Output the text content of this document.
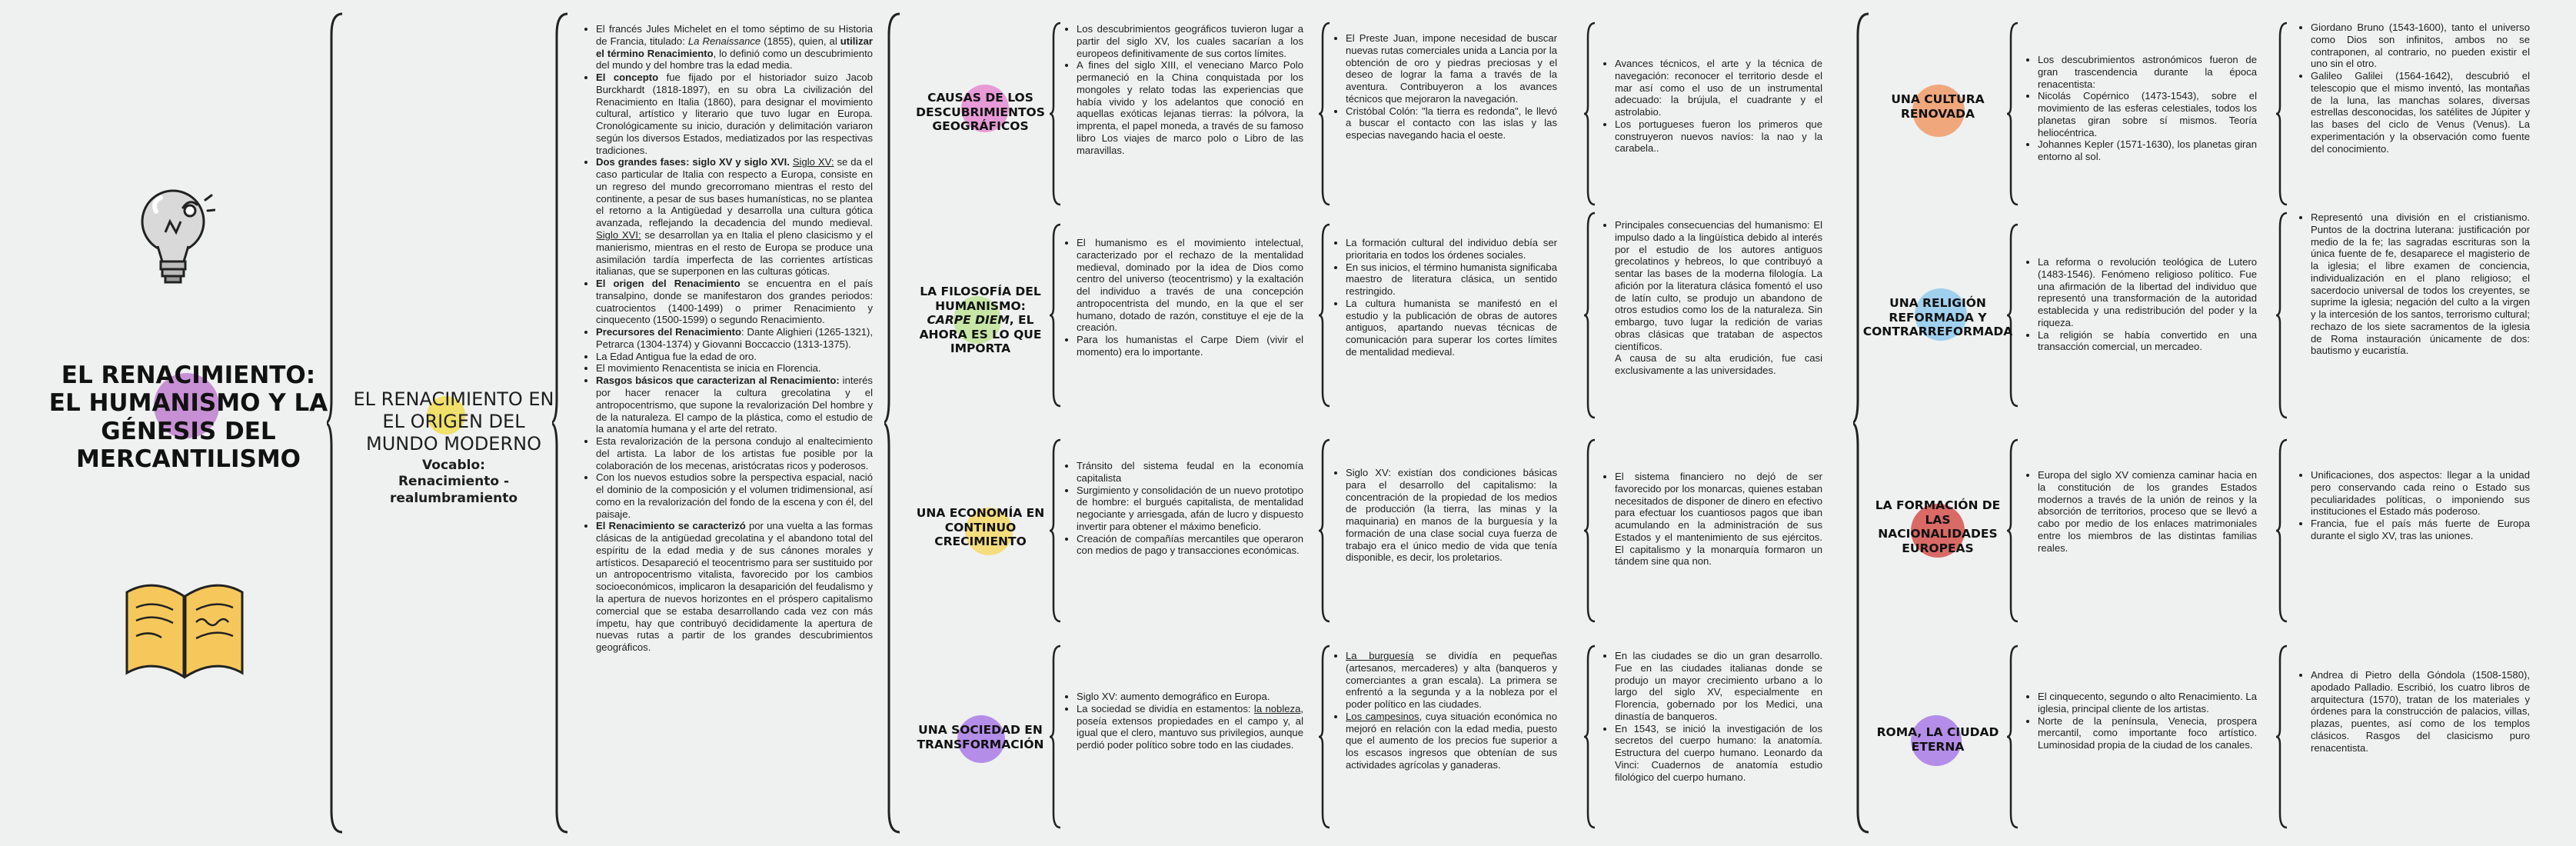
EL RENACIMIENTO: EL HUMANISMO Y LA GÉNESIS DEL MERCANTILISMO
EL RENACIMIENTO EN EL ORIGEN DEL MUNDO MODERNO
Vocablo:
Renacimiento - realumbramiento
• El francés Jules Michelet en el tomo séptimo de su Historia de Francia, titulado: La Renaissance (1855), quien, al utilizar el término Renacimiento, lo definió como un descubrimiento del mundo y del hombre tras la edad media.
• El concepto fue fijado por el historiador suizo Jacob Burckhardt (1818-1897), en su obra La civilización del Renacimiento en Italia (1860), para designar el movimiento cultural, artístico y literario que tuvo lugar en Europa. Cronológicamente su inicio, duración y delimitación variaron según los diversos Estados, mediatizados por las respectivas tradiciones.
• Dos grandes fases: siglo XV y siglo XVI. Siglo XV: se da el caso particular de Italia con respecto a Europa, consiste en un regreso del mundo grecorromano mientras el resto del continente, a pesar de sus bases humanísticas, no se plantea el retorno a la Antigüedad y desarrolla una cultura gótica avanzada, reflejando la decadencia del mundo medieval. Siglo XVI: se desarrollan ya en Italia el pleno clasicismo y el manierismo, mientras en el resto de Europa se produce una asimilación tardía imperfecta de las corrientes artísticas italianas, que se superponen en las culturas góticas.
• El origen del Renacimiento se encuentra en el país transalpino, donde se manifestaron dos grandes periodos: cuatrocientos (1400-1499) o primer Renacimiento y cinquecento (1500-1599) o segundo Renacimiento.
• Precursores del Renacimiento: Dante Alighieri (1265-1321), Petrarca (1304-1374) y Giovanni Boccaccio (1313-1375).
• La Edad Antigua fue la edad de oro.
• El movimiento Renacentista se inicia en Florencia.
• Rasgos básicos que caracterizan al Renacimiento: interés por hacer renacer la cultura grecolatina y el antropocentrismo, que supone la revalorización Del hombre y de la naturaleza. El campo de la plástica, como el estudio de la anatomía humana y el arte del retrato.
• Esta revalorización de la persona condujo al enaltecimiento del artista. La labor de los artistas fue posible por la colaboración de los mecenas, aristócratas ricos y poderosos.
• Con los nuevos estudios sobre la perspectiva espacial, nació el dominio de la composición y el volumen tridimensional, así como en la revalorización del fondo de la escena y con él, del paisaje.
• El Renacimiento se caracterizó por una vuelta a las formas clásicas de la antigüedad grecolatina y el abandono total del espíritu de la edad media y de sus cánones morales y artísticos. Desapareció el teocentrismo para ser sustituido por un antropocentrismo vitalista, favorecido por los cambios socioeconómicos, implicaron la desaparición del feudalismo y la apertura de nuevos horizontes en el próspero capitalismo comercial que se estaba desarrollando cada vez con más ímpetu, hay que contribuyó decididamente la apertura de nuevas rutas a partir de los grandes descubrimientos geográficos.
CAUSAS DE LOS DESCUBRIMIENTOS GEOGRÁFICOS
• Los descubrimientos geográficos tuvieron lugar a partir del siglo XV, los cuales sacarían a los europeos definitivamente de sus cortos límites.
• A fines del siglo XIII, el veneciano Marco Polo permaneció en la China conquistada por los mongoles y relato todas las experiencias que había vivido y los adelantos que conoció en aquellas exóticas lejanas tierras: la pólvora, la imprenta, el papel moneda, a través de su famoso libro Los viajes de marco polo o Libro de las maravillas.
• El Preste Juan, impone necesidad de buscar nuevas rutas comerciales unida a Lancia por la obtención de oro y piedras preciosas y el deseo de lograr la fama a través de la aventura. Contribuyeron a los avances técnicos que mejoraron la navegación.
• Cristóbal Colón: "la tierra es redonda", le llevó a buscar el contacto con las islas y las especias navegando hacia el oeste.
• Avances técnicos, el arte y la técnica de navegación: reconocer el territorio desde el mar así como el uso de un instrumental adecuado: la brújula, el cuadrante y el astrolabio.
• Los portugueses fueron los primeros que construyeron nuevos navíos: la nao y la carabela..
LA FILOSOFÍA DEL HUMANISMO: CARPE DIEM, EL AHORA ES LO QUE IMPORTA
• El humanismo es el movimiento intelectual, caracterizado por el rechazo de la mentalidad medieval, dominado por la idea de Dios como centro del universo (teocentrismo) y la exaltación del individuo a través de una concepción antropocentrista del mundo, en la que el ser humano, dotado de razón, constituye el eje de la creación.
• Para los humanistas el Carpe Diem (vivir el momento) era lo importante.
• La formación cultural del individuo debía ser prioritaria en todos los órdenes sociales.
• En sus inicios, el término humanista significaba maestro de literatura clásica, un sentido restringido.
• La cultura humanista se manifestó en el estudio y la publicación de obras de autores antiguos, apartando nuevas técnicas de comunicación para superar los cortes límites de mentalidad medieval.
• Principales consecuencias del humanismo: El impulso dado a la lingüística debido al interés por el estudio de los autores antiguos grecolatinos y hebreos, lo que contribuyó a sentar las bases de la moderna filología. La afición por la literatura clásica fomentó el uso de latín culto, se produjo un abandono de otros estudios como los de la naturaleza. Sin embargo, tuvo lugar la redición de varias obras clásicas que trataban de aspectos científicos.

A causa de su alta erudición, fue casi exclusivamente a las universidades.

UNA ECONOMÍA EN CONTINUO CRECIMIENTO
• Tránsito del sistema feudal en la economía capitalista
• Surgimiento y consolidación de un nuevo prototipo de hombre: el burgués capitalista, de mentalidad negociante y arriesgada, afán de lucro y dispuesto invertir para obtener el máximo beneficio.
• Creación de compañías mercantiles que operaron con medios de pago y transacciones económicas.
• Siglo XV: existían dos condiciones básicas para el desarrollo del capitalismo: la concentración de la propiedad de los medios de producción (la tierra, las minas y la maquinaria) en manos de la burguesía y la formación de una clase social cuya fuerza de trabajo era el único medio de vida que tenía disponible, es decir, los proletarios.
• El sistema financiero no dejó de ser favorecido por los monarcas, quienes estaban necesitados de disponer de dinero en efectivo para efectuar los cuantiosos pagos que iban acumulando en la administración de sus Estados y el mantenimiento de sus ejércitos. El capitalismo y la monarquía formaron un tándem sine qua non.
UNA SOCIEDAD EN TRANSFORMACIÓN
• Siglo XV: aumento demográfico en Europa.
• La sociedad se dividía en estamentos: la nobleza, poseía extensos propiedades en el campo y, al igual que el clero, mantuvo sus privilegios, aunque perdió poder político sobre todo en las ciudades.
• La burguesía se dividía en pequeñas (artesanos, mercaderes) y alta (banqueros y comerciantes a gran escala). La primera se enfrentó a la segunda y a la nobleza por el poder político en las ciudades.
• Los campesinos, cuya situación económica no mejoró en relación con la edad media, puesto que el aumento de los precios fue superior a los escasos ingresos que obtenían de sus actividades agrícolas y ganaderas.
• En las ciudades se dio un gran desarrollo. Fue en las ciudades italianas donde se produjo un mayor crecimiento urbano a lo largo del siglo XV, especialmente en Florencia, gobernado por los Medici, una dinastía de banqueros.
• En 1543, se inició la investigación de los secretos del cuerpo humano: la anatomía. Estructura del cuerpo humano. Leonardo da Vinci: Cuadernos de anatomía estudio filológico del cuerpo humano.
UNA CULTURA RENOVADA
• Los descubrimientos astronómicos fueron de gran trascendencia durante la época renacentista:
• Nicolás Copérnico (1473-1543), sobre el movimiento de las esferas celestiales, todos los planetas giran sobre sí mismos. Teoría heliocéntrica.
• Johannes Kepler (1571-1630), los planetas giran entorno al sol.
• Giordano Bruno (1543-1600), tanto el universo como Dios son infinitos, ambos no se contraponen, al contrario, no pueden existir el uno sin el otro.
• Galileo Galilei (1564-1642), descubrió el telescopio que el mismo inventó, las montañas de la luna, las manchas solares, diversas estrellas desconocidas, los satélites de Júpiter y las bases del ciclo de Venus (Venus). La experimentación y la observación como fuente del conocimiento.
UNA RELIGIÓN REFORMADA Y CONTRARREFORMADA
• La reforma o revolución teológica de Lutero (1483-1546). Fenómeno religioso político. Fue una afirmación de la libertad del individuo que representó una transformación de la autoridad establecida y una redistribución del poder y la riqueza.
• La religión se había convertido en una transacción comercial, un mercadeo.
• Representó una división en el cristianismo. Puntos de la doctrina luterana: justificación por medio de la fe; las sagradas escrituras son la única fuente de fe, desaparece el magisterio de la iglesia; el libre examen de conciencia, individualización en el plano religioso; el sacerdocio universal de todos los creyentes, se suprime la iglesia; negación del culto a la virgen y la intercesión de los santos, terrorismo cultural; rechazo de los siete sacramentos de la iglesia de Roma instauración únicamente de dos: bautismo y eucaristía.
LA FORMACIÓN DE LAS NACIONALIDADES EUROPEAS
• Europa del siglo XV comienza caminar hacia en la constitución de los grandes Estados modernos a través de la unión de reinos y la absorción de territorios, proceso que se llevó a cabo por medio de los enlaces matrimoniales entre los miembros de las distintas familias reales.
• Unificaciones, dos aspectos: llegar a la unidad pero conservando cada reino o Estado sus peculiaridades políticas, o imponiendo sus instituciones el Estado más poderoso.
• Francia, fue el país más fuerte de Europa durante el siglo XV, tras las uniones.
ROMA, LA CIUDAD ETERNA
• El cinquecento, segundo o alto Renacimiento. La iglesia, principal cliente de los artistas.
• Norte de la península, Venecia, prospera mercantil, como importante foco artístico. Luminosidad propia de la ciudad de los canales.
• Andrea di Pietro della Góndola (1508-1580), apodado Palladio. Escribió, los cuatro libros de arquitectura (1570), tratan de los materiales y órdenes para la construcción de palacios, villas, plazas, puentes, así como de los templos clásicos. Rasgos del clasicismo puro renacentista.
